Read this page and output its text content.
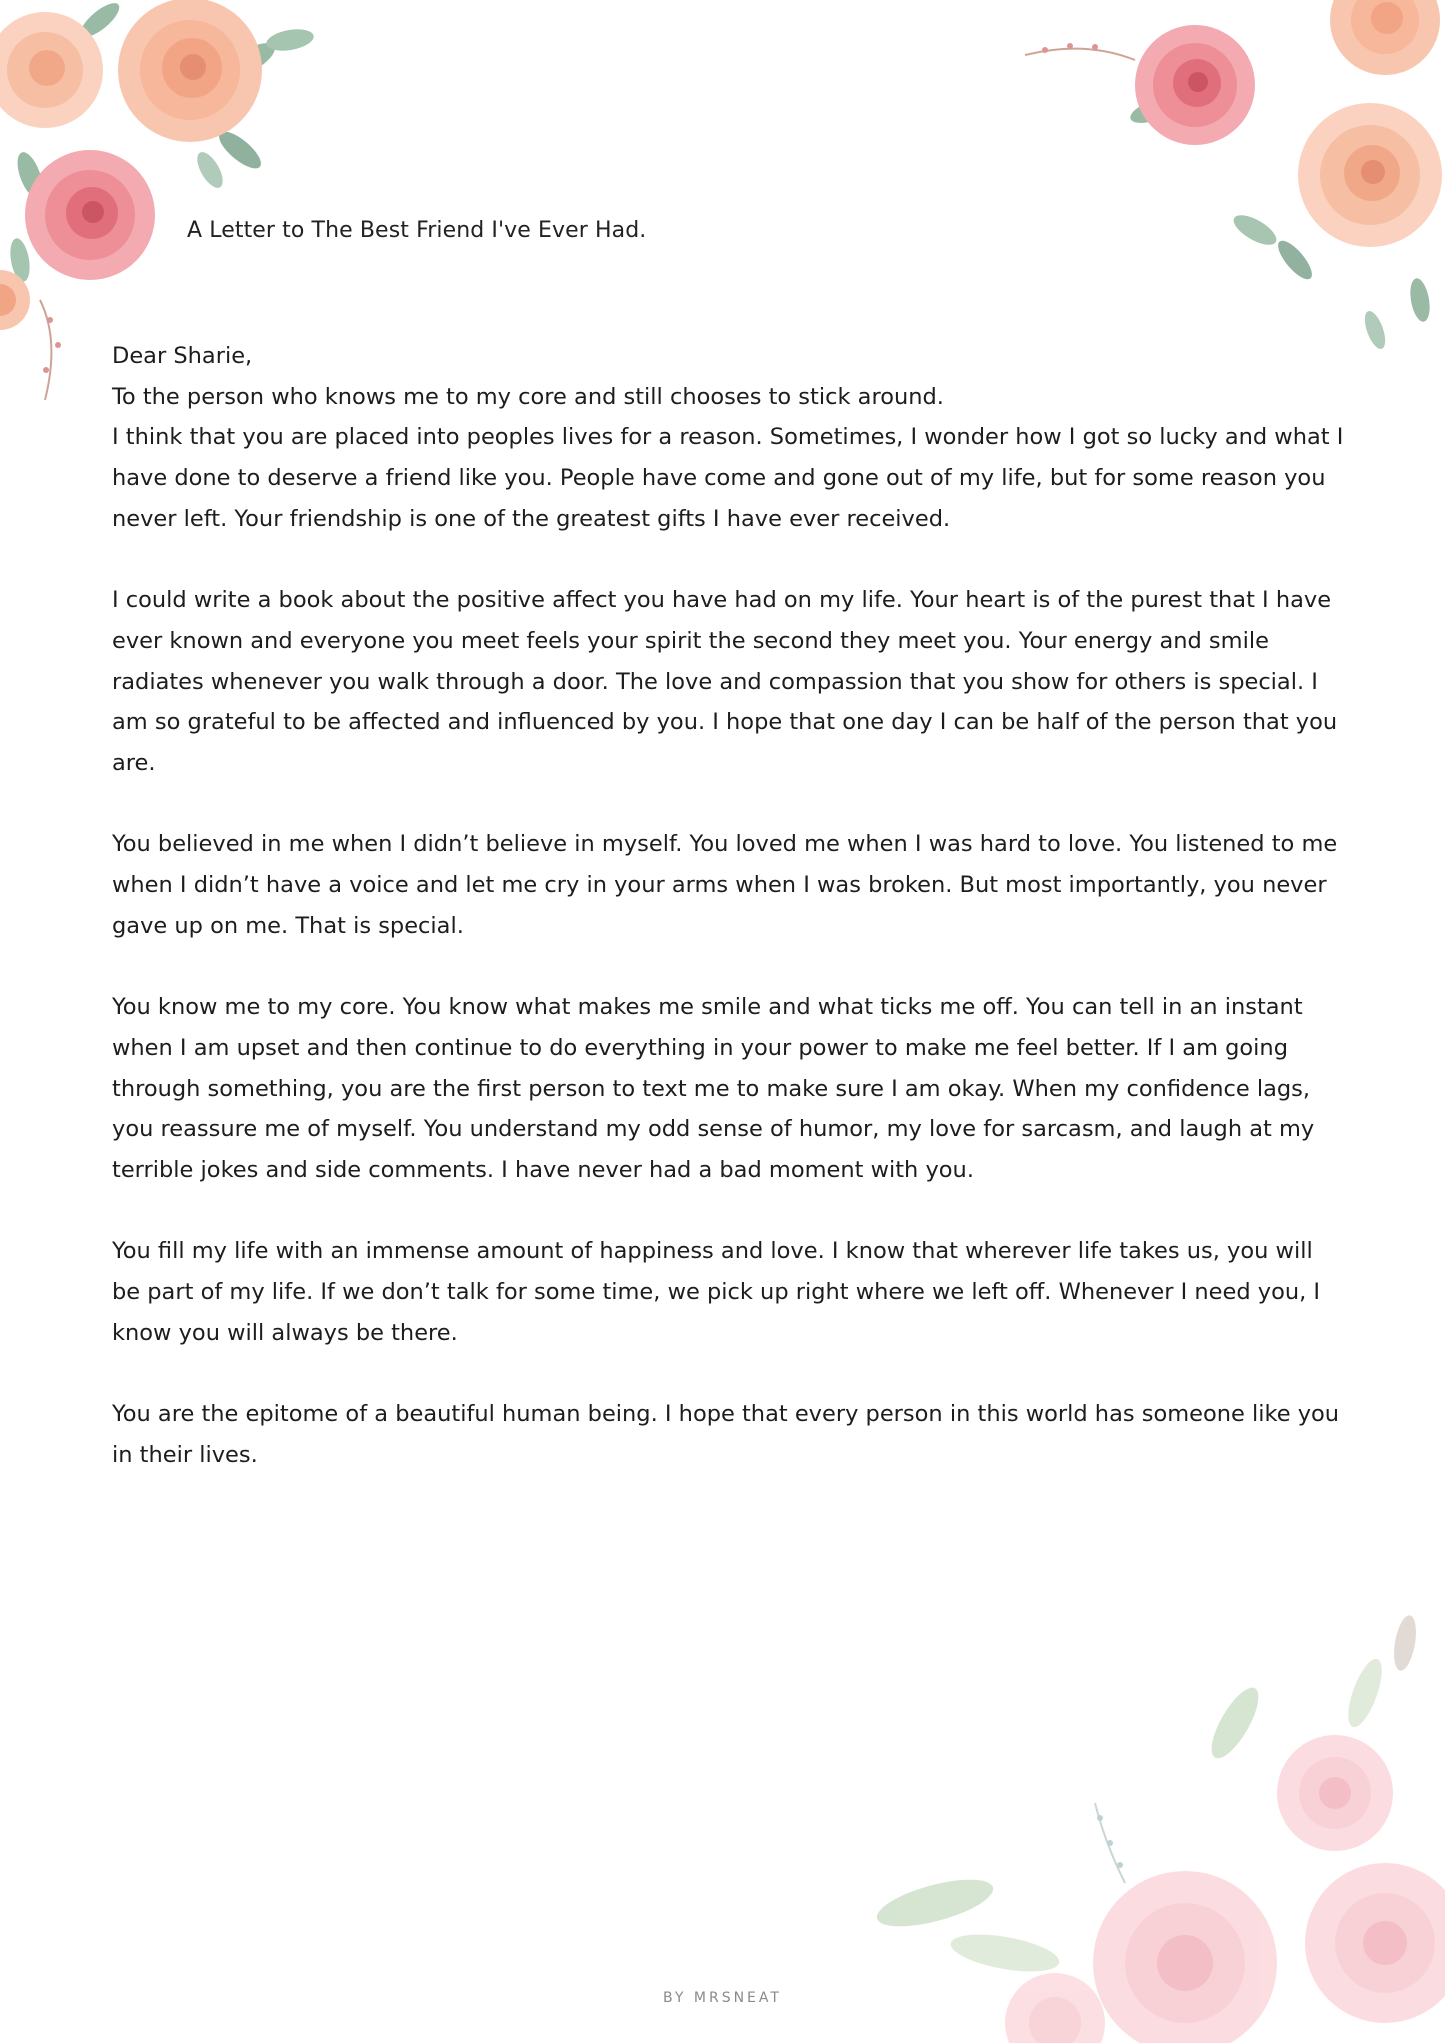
A Letter to The Best Friend I've Ever Had.

Dear Sharie,

To the person who knows me to my core and still chooses to stick around.

I think that you are placed into peoples lives for a reason. Sometimes, I wonder how I got so lucky and what I have done to deserve a friend like you. People have come and gone out of my life, but for some reason you never left. Your friendship is one of the greatest gifts I have ever received.

I could write a book about the positive affect you have had on my life. Your heart is of the purest that I have ever known and everyone you meet feels your spirit the second they meet you. Your energy and smile radiates whenever you walk through a door. The love and compassion that you show for others is special. I am so grateful to be affected and influenced by you. I hope that one day I can be half of the person that you are.

You believed in me when I didn’t believe in myself. You loved me when I was hard to love. You listened to me when I didn’t have a voice and let me cry in your arms when I was broken. But most importantly, you never gave up on me. That is special.

You know me to my core. You know what makes me smile and what ticks me off. You can tell in an instant when I am upset and then continue to do everything in your power to make me feel better. If I am going through something, you are the first person to text me to make sure I am okay. When my confidence lags, you reassure me of myself. You understand my odd sense of humor, my love for sarcasm, and laugh at my terrible jokes and side comments. I have never had a bad moment with you.

You fill my life with an immense amount of happiness and love. I know that wherever life takes us, you will be part of my life. If we don’t talk for some time, we pick up right where we left off. Whenever I need you, I know you will always be there.

You are the epitome of a beautiful human being. I hope that every person in this world has someone like you in their lives.

BY MRSNEAT
